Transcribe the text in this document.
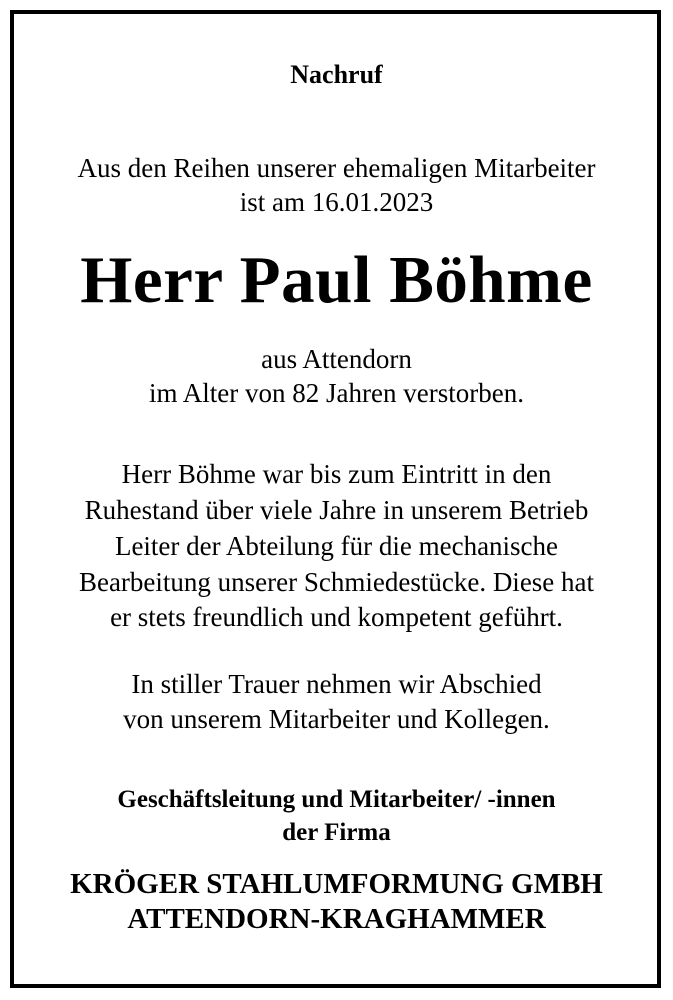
Nachruf
Aus den Reihen unserer ehemaligen Mitarbeiter
ist am 16.01.2023
Herr Paul Böhme
aus Attendorn
im Alter von 82 Jahren verstorben.
Herr Böhme war bis zum Eintritt in den
Ruhestand über viele Jahre in unserem Betrieb
Leiter der Abteilung für die mechanische
Bearbeitung unserer Schmiedestücke. Diese hat
er stets freundlich und kompetent geführt.
In stiller Trauer nehmen wir Abschied
von unserem Mitarbeiter und Kollegen.
Geschäftsleitung und Mitarbeiter/ -innen
der Firma
KRÖGER STAHLUMFORMUNG GMBH
ATTENDORN-KRAGHAMMER
